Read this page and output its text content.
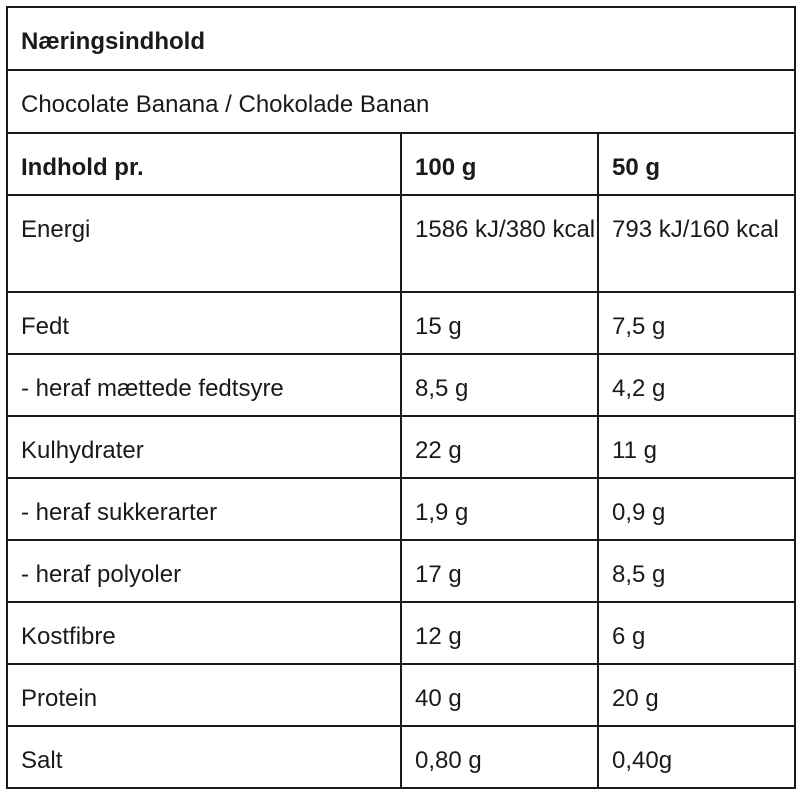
Næringsindhold		
Chocolate Banana / Chokolade Banan		
Indhold pr.	100 g	50 g
Energi	1586 kJ/380 kcal	793 kJ/160 kcal
Fedt	15 g	7,5 g
- heraf mættede fedtsyre	8,5 g	4,2 g
Kulhydrater	22 g	11 g
- heraf sukkerarter	1,9 g	0,9 g
- heraf polyoler	17 g	8,5 g
Kostfibre	12 g	6 g
Protein	40 g	20 g
Salt	0,80 g	0,40g
